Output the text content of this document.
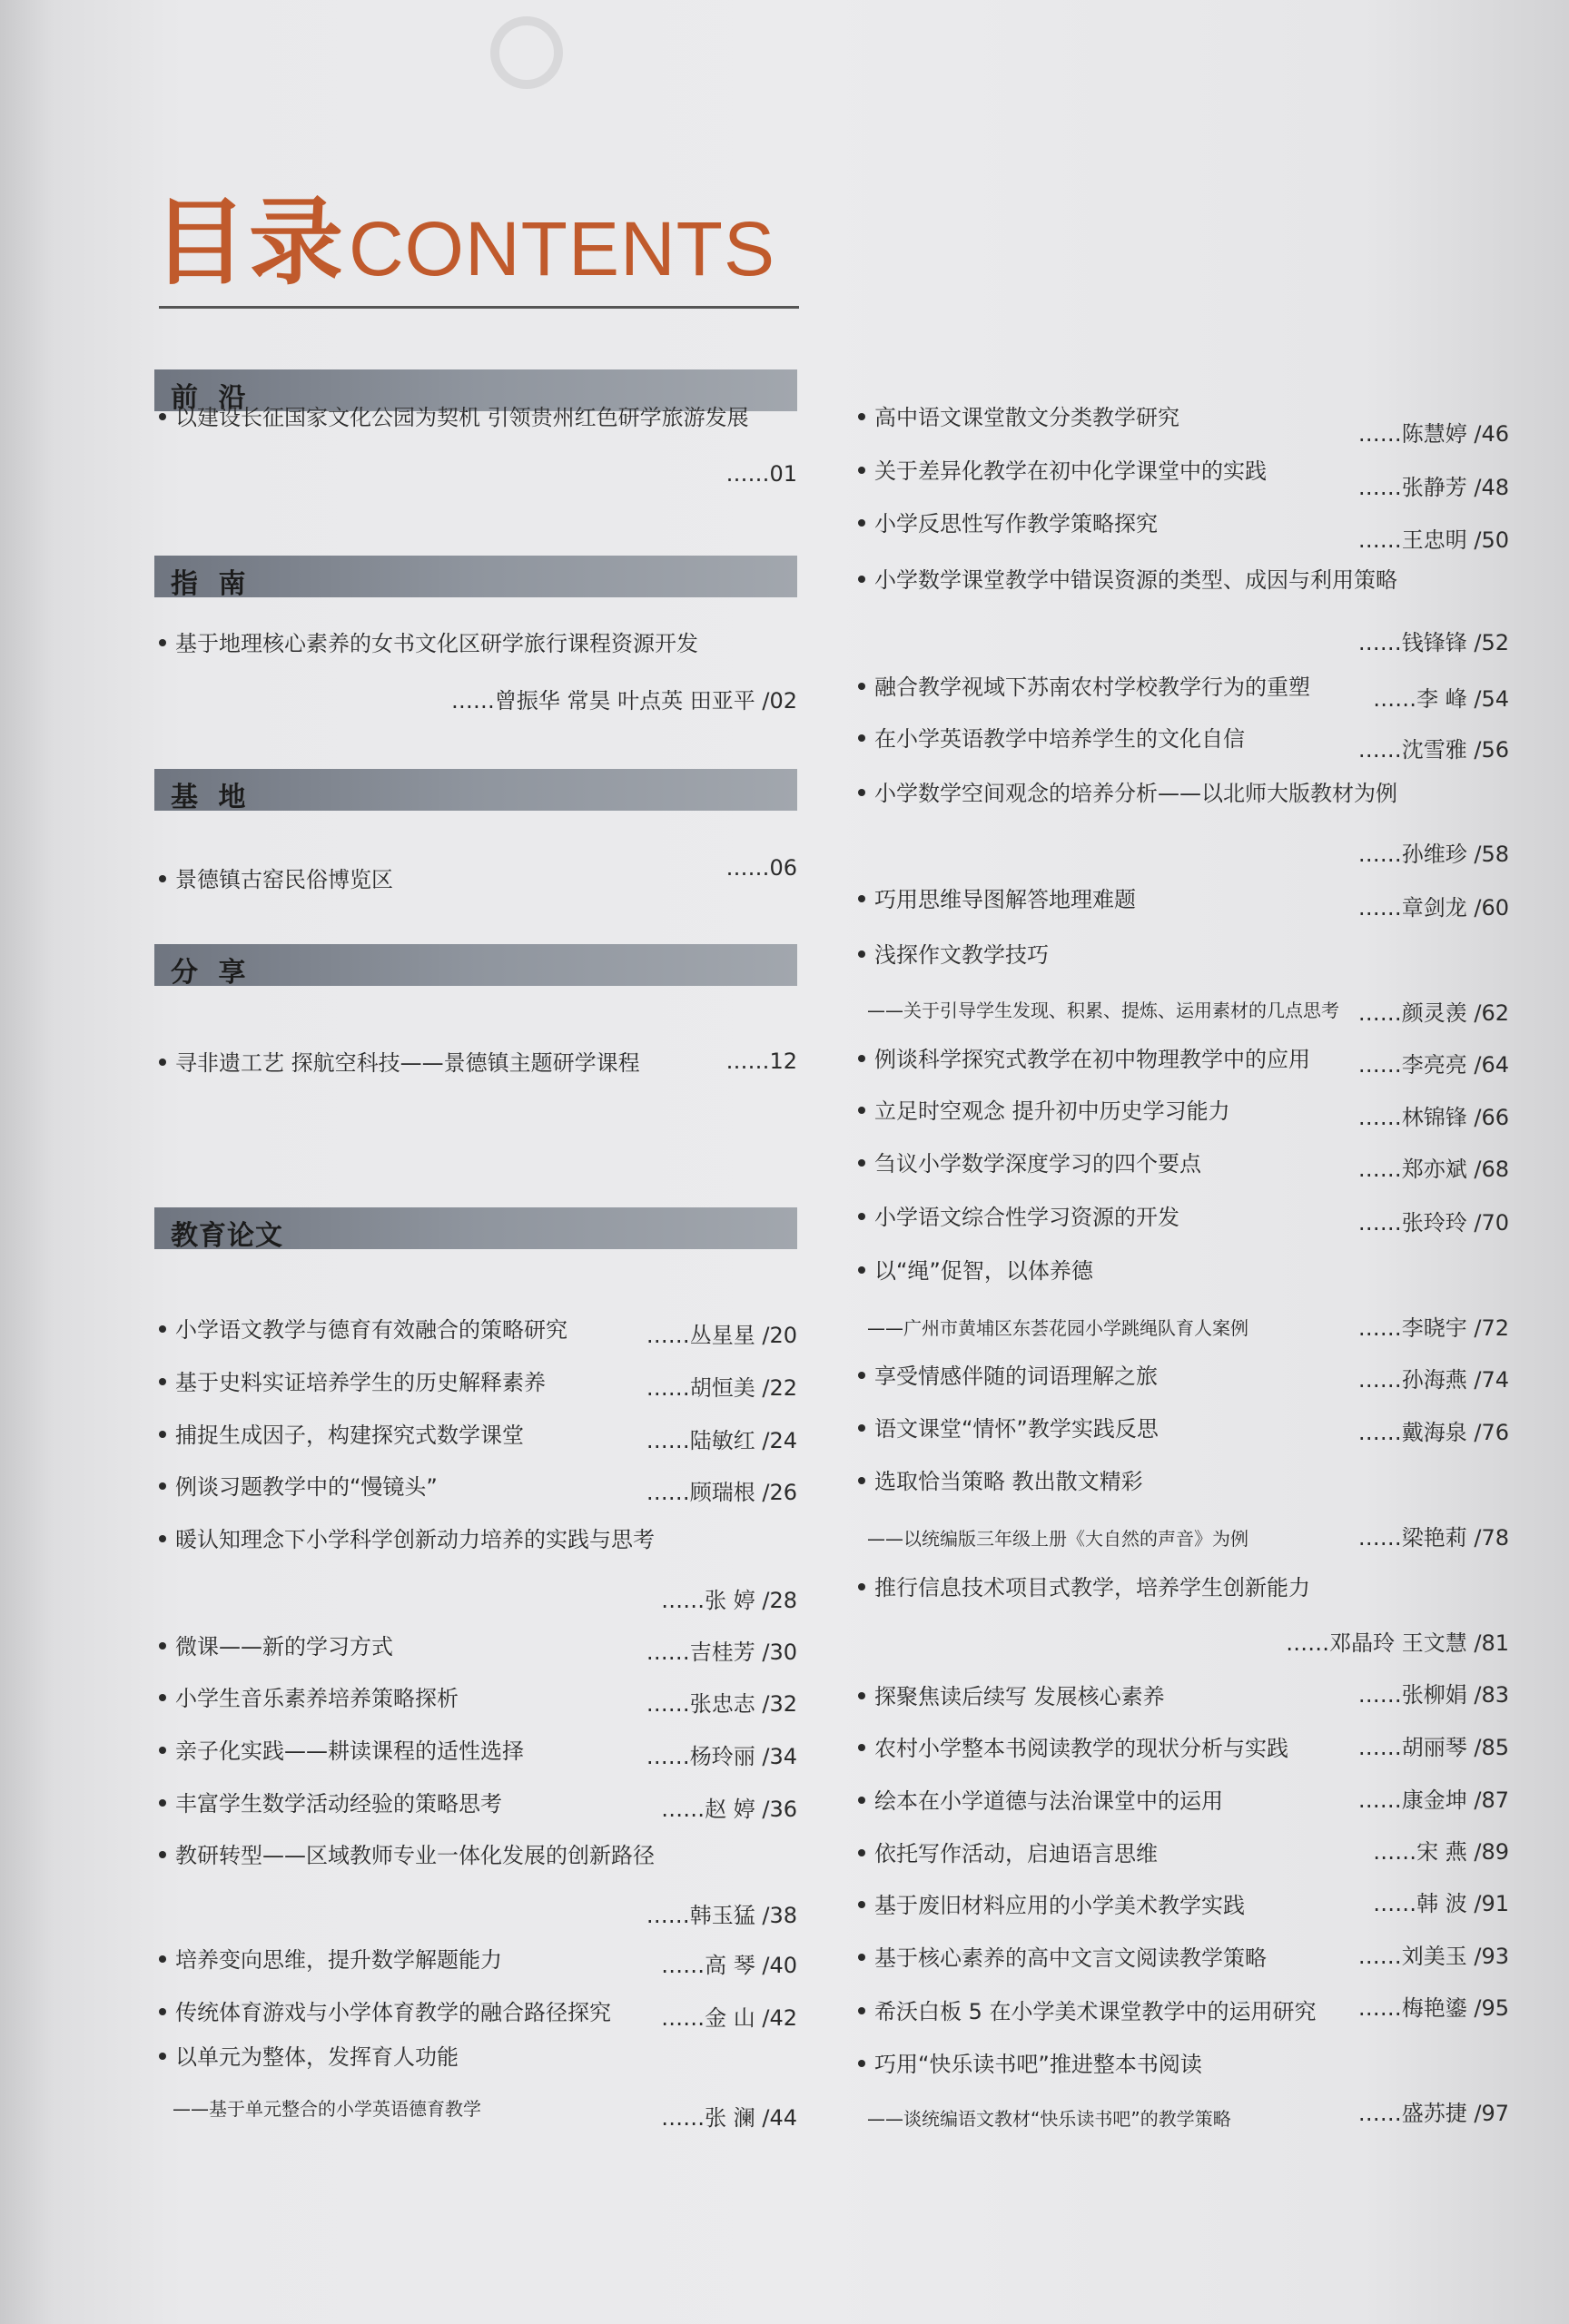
目录CONTENTS
前 沿
以建设长征国家文化公园为契机 引领贵州红色研学旅游发展
……01
指 南
基于地理核心素养的女书文化区研学旅行课程资源开发
……曾振华 常昊 叶点英 田亚平 /02
基 地
景德镇古窑民俗博览区	……06
分 享
寻非遗工艺 探航空科技——景德镇主题研学课程	……12
教育论文
小学语文教学与德育有效融合的策略研究	……丛星星 /20
基于史料实证培养学生的历史解释素养	……胡恒美 /22
捕捉生成因子，构建探究式数学课堂	……陆敏红 /24
例谈习题教学中的“慢镜头”	……顾瑞根 /26
暖认知理念下小学科学创新动力培养的实践与思考
……张 婷 /28
微课——新的学习方式	……吉桂芳 /30
小学生音乐素养培养策略探析	……张忠志 /32
亲子化实践——耕读课程的适性选择	……杨玲丽 /34
丰富学生数学活动经验的策略思考	……赵 婷 /36
教研转型——区域教师专业一体化发展的创新路径
……韩玉猛 /38
培养变向思维，提升数学解题能力	……高 琴 /40
传统体育游戏与小学体育教学的融合路径探究 ……金 山 /42
以单元为整体，发挥育人功能
——基于单元整合的小学英语德育教学	……张 澜 /44
高中语文课堂散文分类教学研究
……陈慧婷 /46
关于差异化教学在初中化学课堂中的实践
……张静芳 /48
小学反思性写作教学策略探究
……王忠明 /50
小学数学课堂教学中错误资源的类型、成因与利用策略
……钱锋锋 /52
融合教学视域下苏南农村学校教学行为的重塑	……李 峰 /54
在小学英语教学中培养学生的文化自信	……沈雪雅 /56
小学数学空间观念的培养分析——以北师大版教材为例
……孙维珍 /58
巧用思维导图解答地理难题	……章剑龙 /60
浅探作文教学技巧
——关于引导学生发现、积累、提炼、运用素材的几点思考 ……颜灵羡 /62
例谈科学探究式教学在初中物理教学中的应用 ……李亮亮 /64
立足时空观念 提升初中历史学习能力	……林锦锋 /66
刍议小学数学深度学习的四个要点	……郑亦斌 /68
小学语文综合性学习资源的开发	……张玲玲 /70
以“绳”促智，以体养德
——广州市黄埔区东荟花园小学跳绳队育人案例	……李晓宇 /72
享受情感伴随的词语理解之旅	……孙海燕 /74
语文课堂“情怀”教学实践反思	……戴海泉 /76
选取恰当策略 教出散文精彩
——以统编版三年级上册《大自然的声音》为例	……梁艳莉 /78
推行信息技术项目式教学，培养学生创新能力
……邓晶玲 王文慧 /81
探聚焦读后续写 发展核心素养	……张柳娟 /83
农村小学整本书阅读教学的现状分析与实践	……胡丽琴 /85
绘本在小学道德与法治课堂中的运用	……康金坤 /87
依托写作活动，启迪语言思维	……宋 燕 /89
基于废旧材料应用的小学美术教学实践	……韩 波 /91
基于核心素养的高中文言文阅读教学策略	……刘美玉 /93
希沃白板 5 在小学美术课堂教学中的运用研究 ……梅艳鎏 /95
巧用“快乐读书吧”推进整本书阅读
——谈统编语文教材“快乐读书吧”的教学策略	……盛苏捷 /97
